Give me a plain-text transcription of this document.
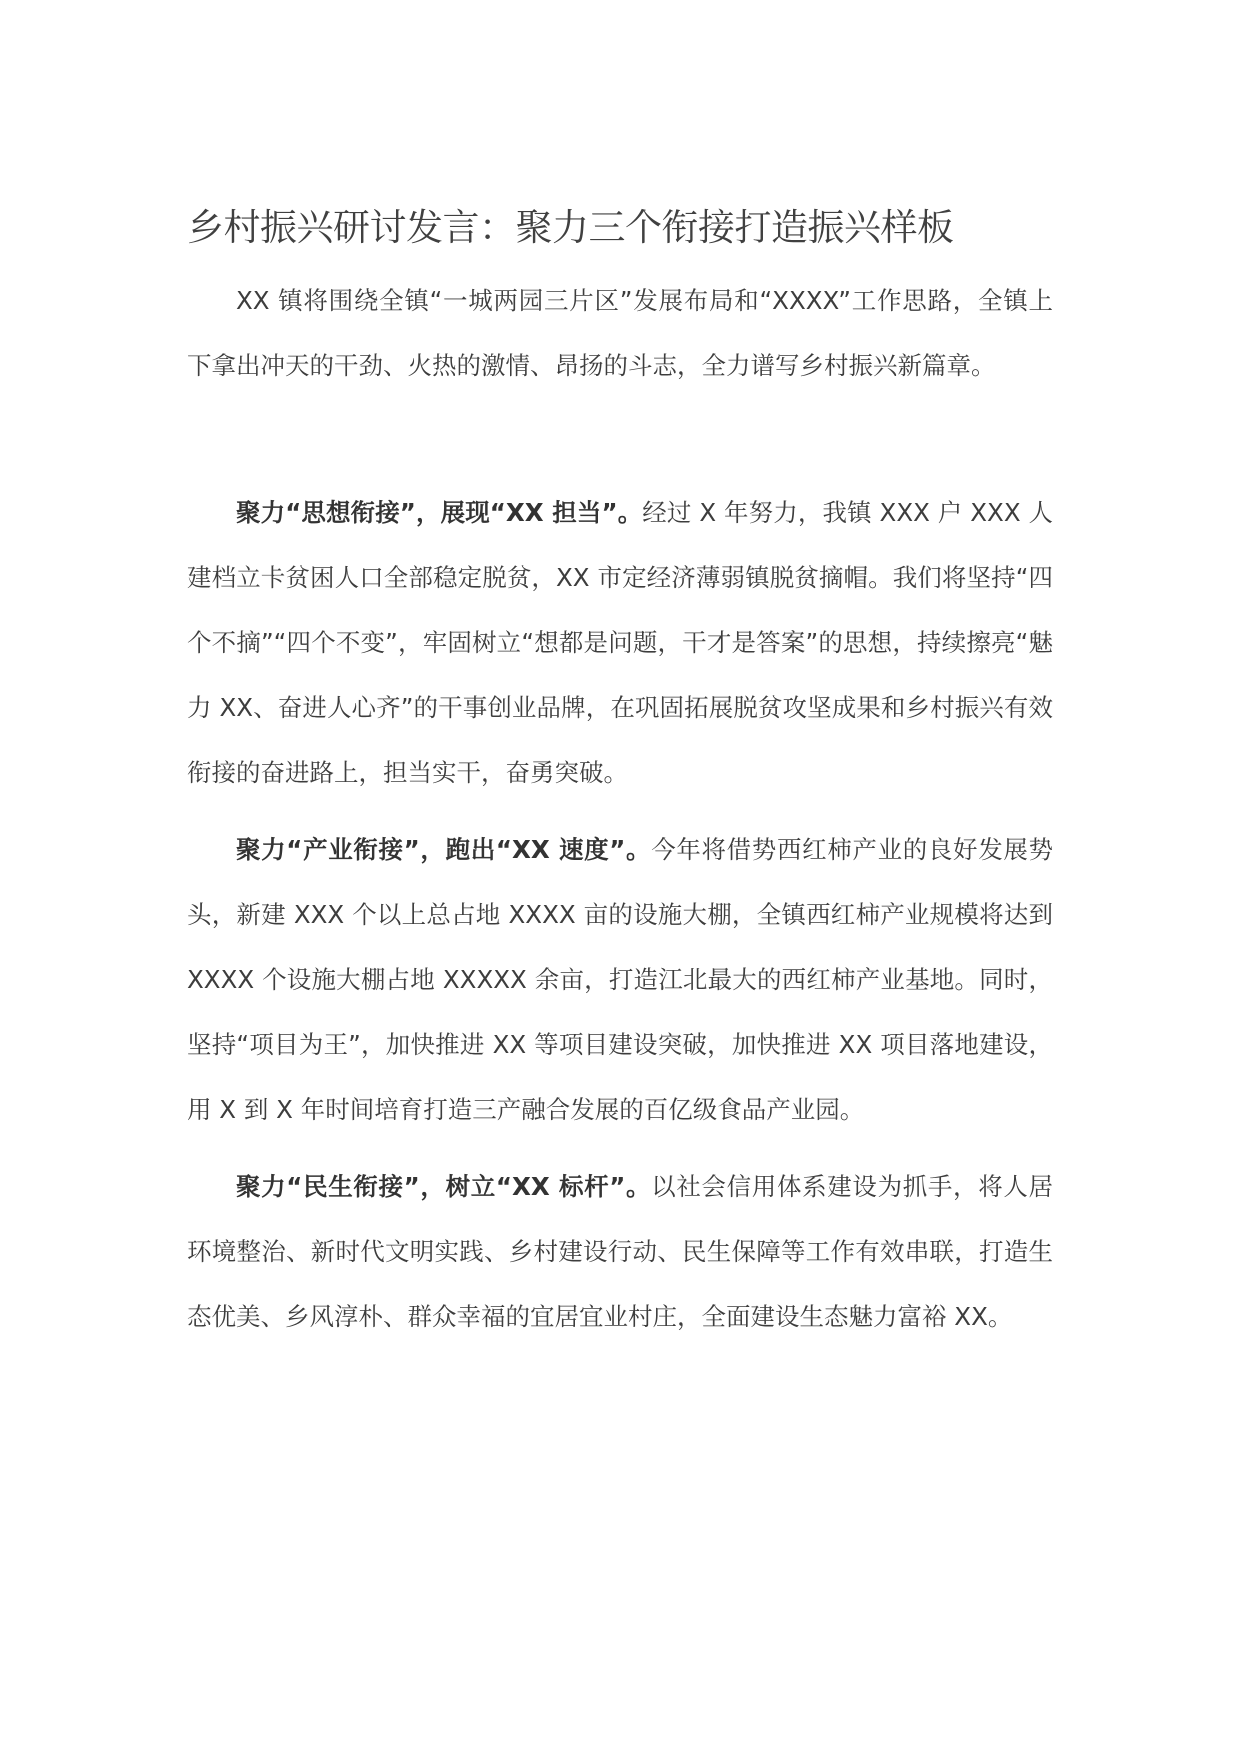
乡村振兴研讨发言：聚力三个衔接打造振兴样板

XX 镇将围绕全镇“一城两园三片区”发展布局和“XXXX”工作思路，全镇上下拿出冲天的干劲、火热的激情、昂扬的斗志，全力谱写乡村振兴新篇章。

聚力“思想衔接”，展现“XX 担当”。经过 X 年努力，我镇 XXX 户 XXX 人建档立卡贫困人口全部稳定脱贫，XX 市定经济薄弱镇脱贫摘帽。我们将坚持“四个不摘”“四个不变”，牢固树立“想都是问题，干才是答案”的思想，持续擦亮“魅力 XX、奋进人心齐”的干事创业品牌，在巩固拓展脱贫攻坚成果和乡村振兴有效衔接的奋进路上，担当实干，奋勇突破。

聚力“产业衔接”，跑出“XX 速度”。今年将借势西红柿产业的良好发展势头，新建 XXX 个以上总占地 XXXX 亩的设施大棚，全镇西红柿产业规模将达到 XXXX 个设施大棚占地 XXXXX 余亩，打造江北最大的西红柿产业基地。同时，坚持“项目为王”，加快推进 XX 等项目建设突破，加快推进 XX 项目落地建设，用 X 到 X 年时间培育打造三产融合发展的百亿级食品产业园。

聚力“民生衔接”，树立“XX 标杆”。以社会信用体系建设为抓手，将人居环境整治、新时代文明实践、乡村建设行动、民生保障等工作有效串联，打造生态优美、乡风淳朴、群众幸福的宜居宜业村庄，全面建设生态魅力富裕 XX。
